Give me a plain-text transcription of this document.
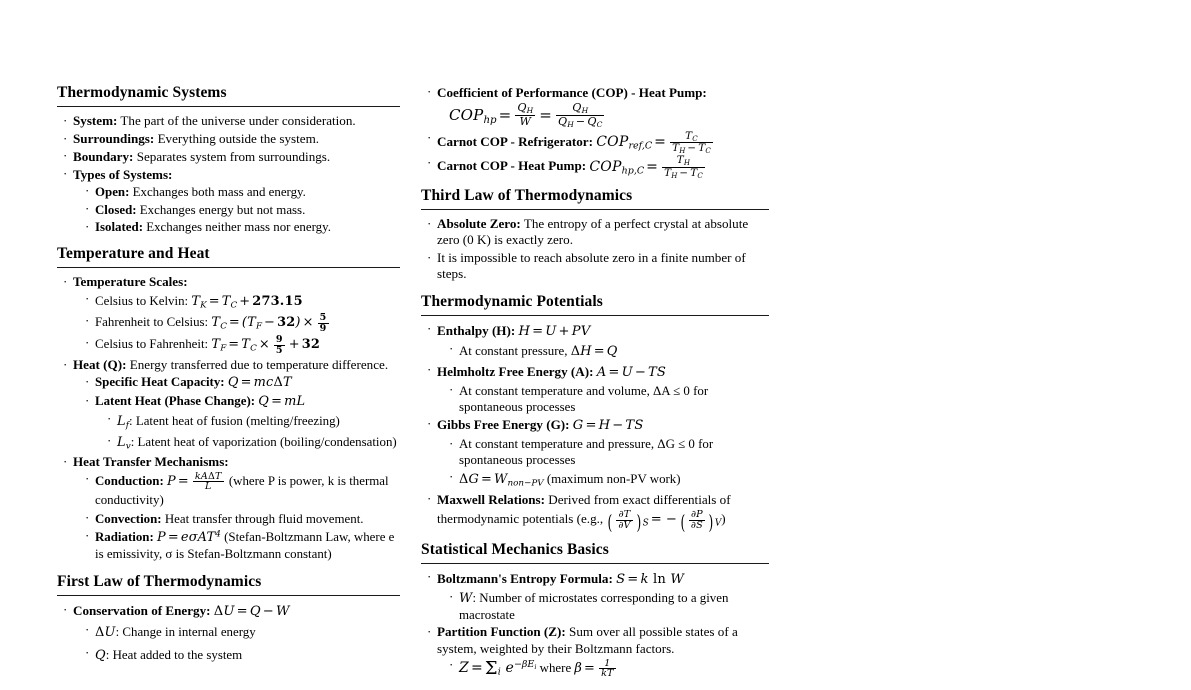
Thermodynamic Systems
· System: The part of the universe under consideration.
· Surroundings: Everything outside the system.
· Boundary: Separates system from surroundings.
· Types of Systems:
· Open: Exchanges both mass and energy.
· Closed: Exchanges energy but not mass.
· Isolated: Exchanges neither mass nor energy.
Temperature and Heat
· Temperature Scales:
· Celsius to Kelvin: $T_K = T_C + 273.15$
· Fahrenheit to Celsius: $T_C = (T_F - 32) \times \frac{5}{9}$
· Celsius to Fahrenheit: $T_F = T_C \times \frac{9}{5} + 32$
· Heat (Q): Energy transferred due to temperature difference.
· Specific Heat Capacity: Q = mcΔT
· Latent Heat (Phase Change): Q = mL
· $L_f$: Latent heat of fusion (melting/freezing)
· $L_v$: Latent heat of vaporization (boiling/condensation)
· Heat Transfer Mechanisms:
· Conduction: $P = \frac{\text{kAΔT}}{L}$ (where P is power, k is thermal conductivity)
· Convection: Heat transfer through fluid movement.
· Radiation: P = eσAT$^4$ (Stefan-Boltzmann Law, where e is emissivity, σ is Stefan-Boltzmann constant)
First Law of Thermodynamics
· Conservation of Energy: ΔU = Q − W
· ΔU: Change in internal energy
· Q: Heat added to the system
· Coefficient of Performance (COP) - Heat Pump:
$COP_{hp} = \frac{Q_H}{W} = \frac{Q_H}{Q_H - Q_C}$
· Carnot COP - Refrigerator: $COP_{ref,C} = \frac{T_C}{T_H - T_C}$
· Carnot COP - Heat Pump: $COP_{hp,C} = \frac{T_H}{T_H - T_C}$
Third Law of Thermodynamics
· Absolute Zero: The entropy of a perfect crystal at absolute zero (0 K) is exactly zero.
· It is impossible to reach absolute zero in a finite number of steps.
Thermodynamic Potentials
· Enthalpy (H): H = U + PV
· At constant pressure, ΔH = Q
· Helmholtz Free Energy (A): A = U − TS
· At constant temperature and volume, ΔA ≤ 0 for spontaneous processes
· Gibbs Free Energy (G): G = H − TS
· At constant temperature and pressure, ΔG ≤ 0 for spontaneous processes
· $\Delta G = W_{non-PV}$ (maximum non-PV work)
· Maxwell Relations: Derived from exact differentials of thermodynamic potentials (e.g., ( $\frac{\partial T}{\partial V} )_S$ = − ( $\frac{\partial P}{\partial S} )_V$)
Statistical Mechanics Basics
· Boltzmann's Entropy Formula: S = k ln W
· W: Number of microstates corresponding to a given macrostate
· Partition Function (Z): Sum over all possible states of a system, weighted by their Boltzmann factors.
· $Z = \Sigma_i$ $e^{-\beta E_i}$ where $\beta = \frac{1}{kT}$
